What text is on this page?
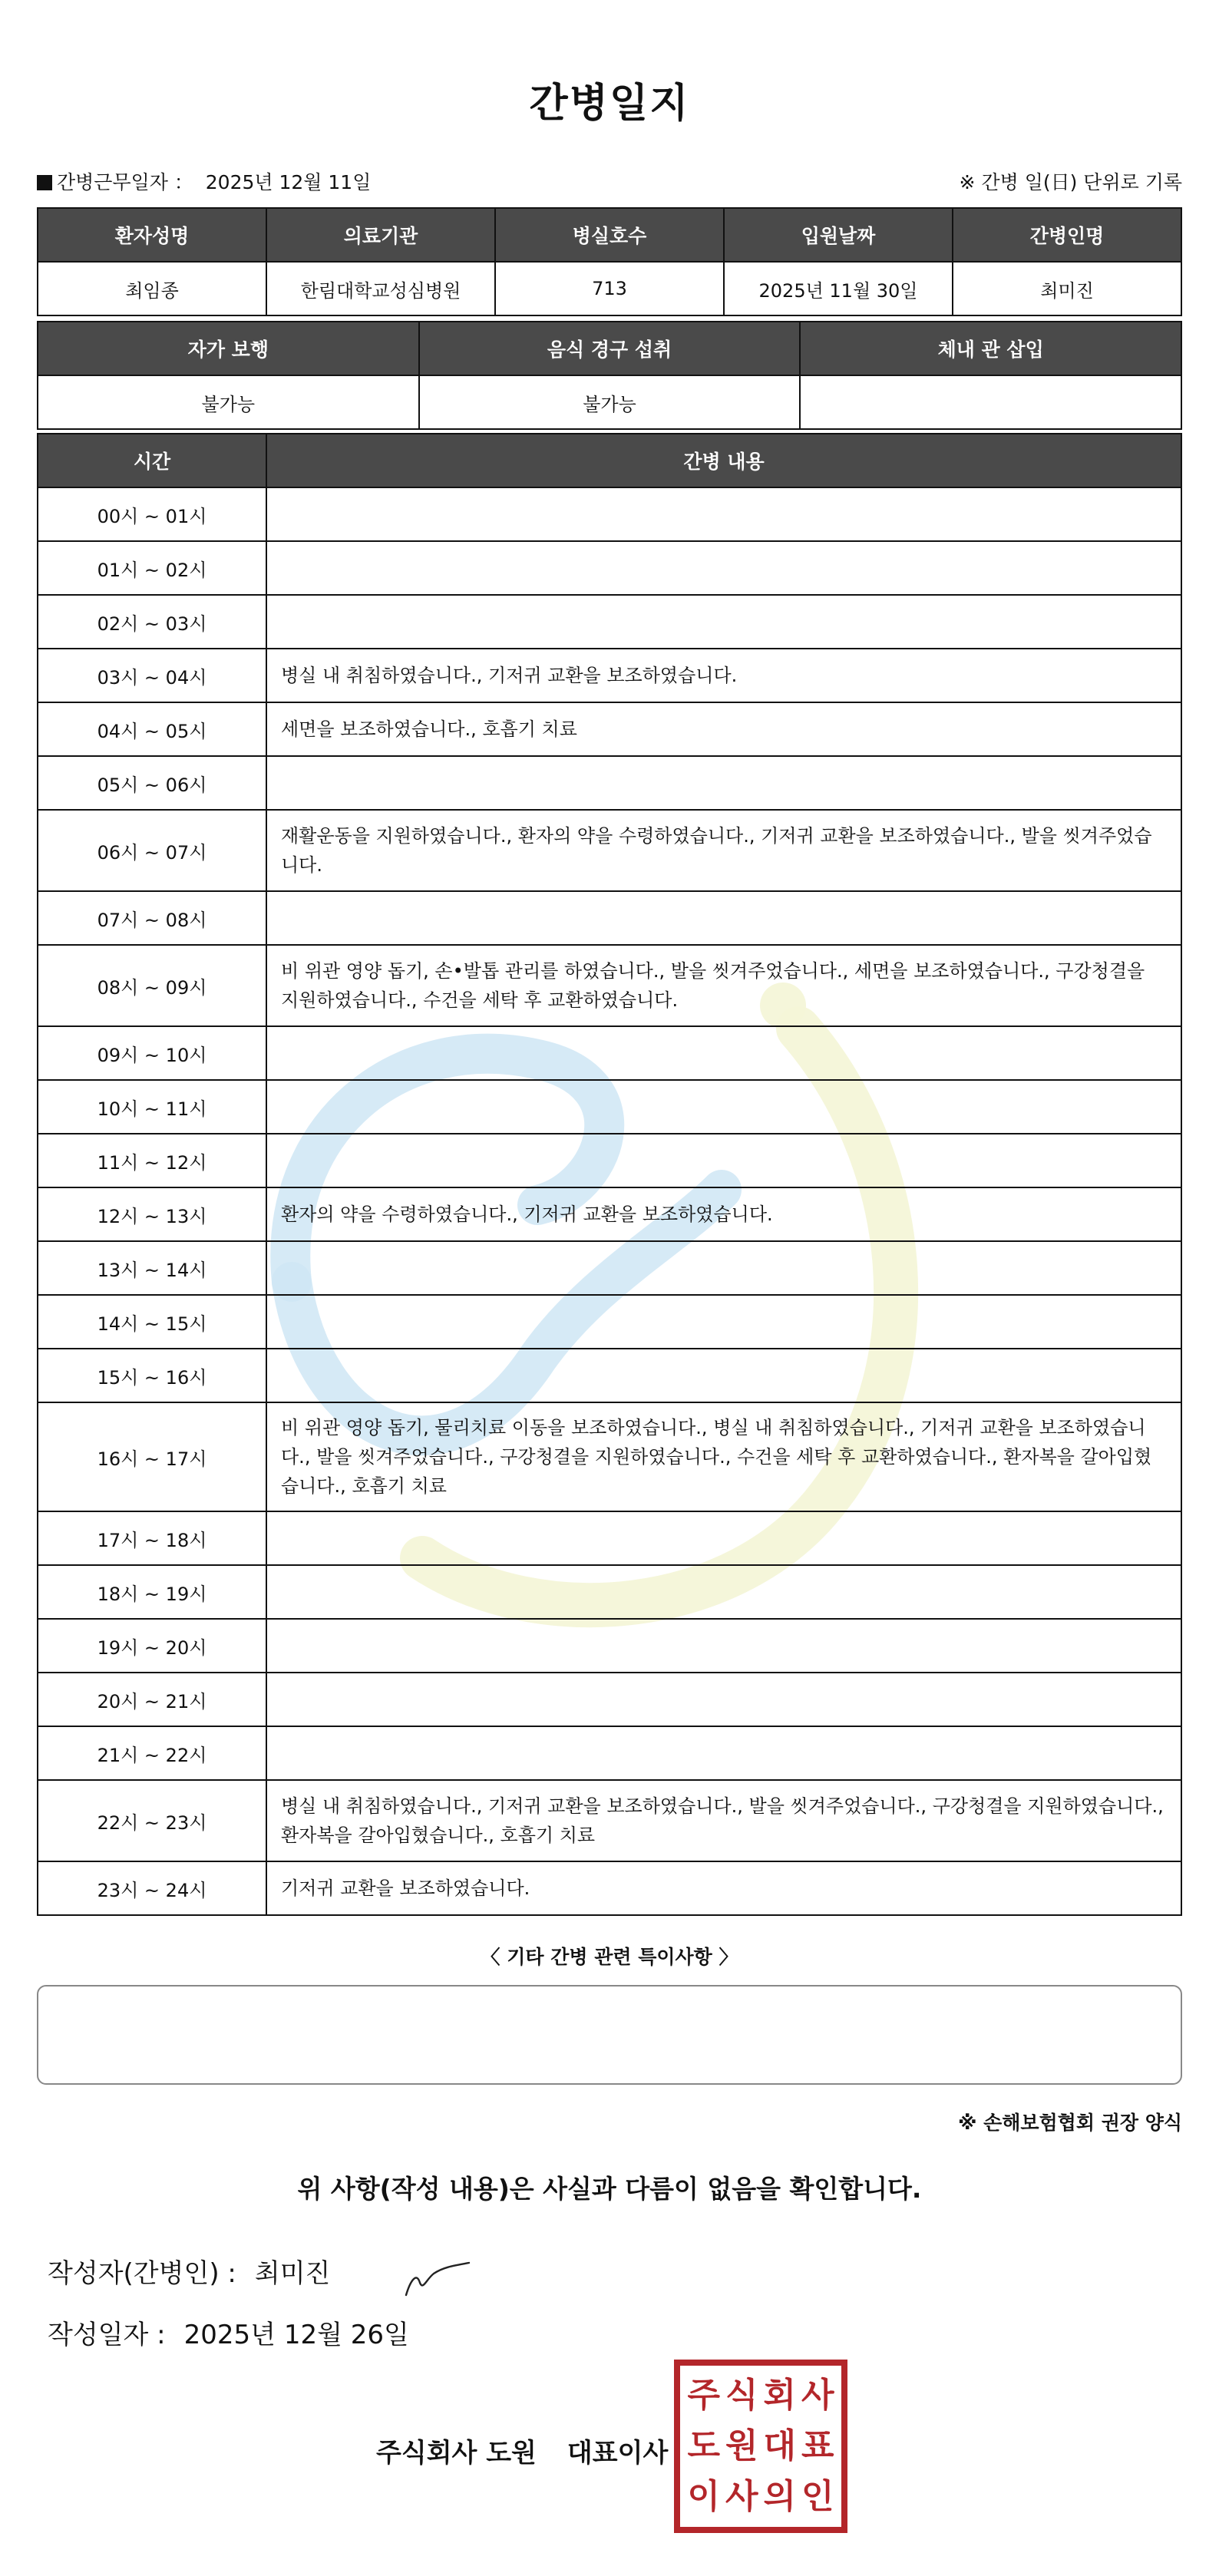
간병일지
간병근무일자 ： 2025년 12월 11일	※ 간병 일(日) 단위로 기록
환자성명	의료기관	병실호수	입원날짜	간병인명
최임종	한림대학교성심병원	713	2025년 11월 30일	최미진
자가 보행	음식 경구 섭취	체내 관 삽입
불가능	불가능	
시간	간병 내용
00시 ~ 01시	
01시 ~ 02시	
02시 ~ 03시	
03시 ~ 04시	병실 내 취침하였습니다., 기저귀 교환을 보조하였습니다.
04시 ~ 05시	세면을 보조하였습니다., 호흡기 치료
05시 ~ 06시	
06시 ~ 07시	재활운동을 지원하였습니다., 환자의 약을 수령하였습니다., 기저귀 교환을 보조하였습니다., 발을 씻겨주었습니다.
07시 ~ 08시	
08시 ~ 09시	비 위관 영양 돕기, 손•발톱 관리를 하였습니다., 발을 씻겨주었습니다., 세면을 보조하였습니다., 구강청결을 지원하였습니다., 수건을 세탁 후 교환하였습니다.
09시 ~ 10시	
10시 ~ 11시	
11시 ~ 12시	
12시 ~ 13시	환자의 약을 수령하였습니다., 기저귀 교환을 보조하였습니다.
13시 ~ 14시	
14시 ~ 15시	
15시 ~ 16시	
16시 ~ 17시	비 위관 영양 돕기, 물리치료 이동을 보조하였습니다., 병실 내 취침하였습니다., 기저귀 교환을 보조하였습니다., 발을 씻겨주었습니다., 구강청결을 지원하였습니다., 수건을 세탁 후 교환하였습니다., 환자복을 갈아입혔습니다., 호흡기 치료
17시 ~ 18시	
18시 ~ 19시	
19시 ~ 20시	
20시 ~ 21시	
21시 ~ 22시	
22시 ~ 23시	병실 내 취침하였습니다., 기저귀 교환을 보조하였습니다., 발을 씻겨주었습니다., 구강청결을 지원하였습니다., 환자복을 갈아입혔습니다., 호흡기 치료
23시 ~ 24시	기저귀 교환을 보조하였습니다.
〈 기타 간병 관련 특이사항 〉
※ 손해보험협회 권장 양식
위 사항(작성 내용)은 사실과 다름이 없음을 확인합니다.
작성자(간병인) : 최미진
작성일자 : 2025년 12월 26일
주식회사 도원 대표이사
주 식 회 사
도 원 대 표
이 사 의 인
